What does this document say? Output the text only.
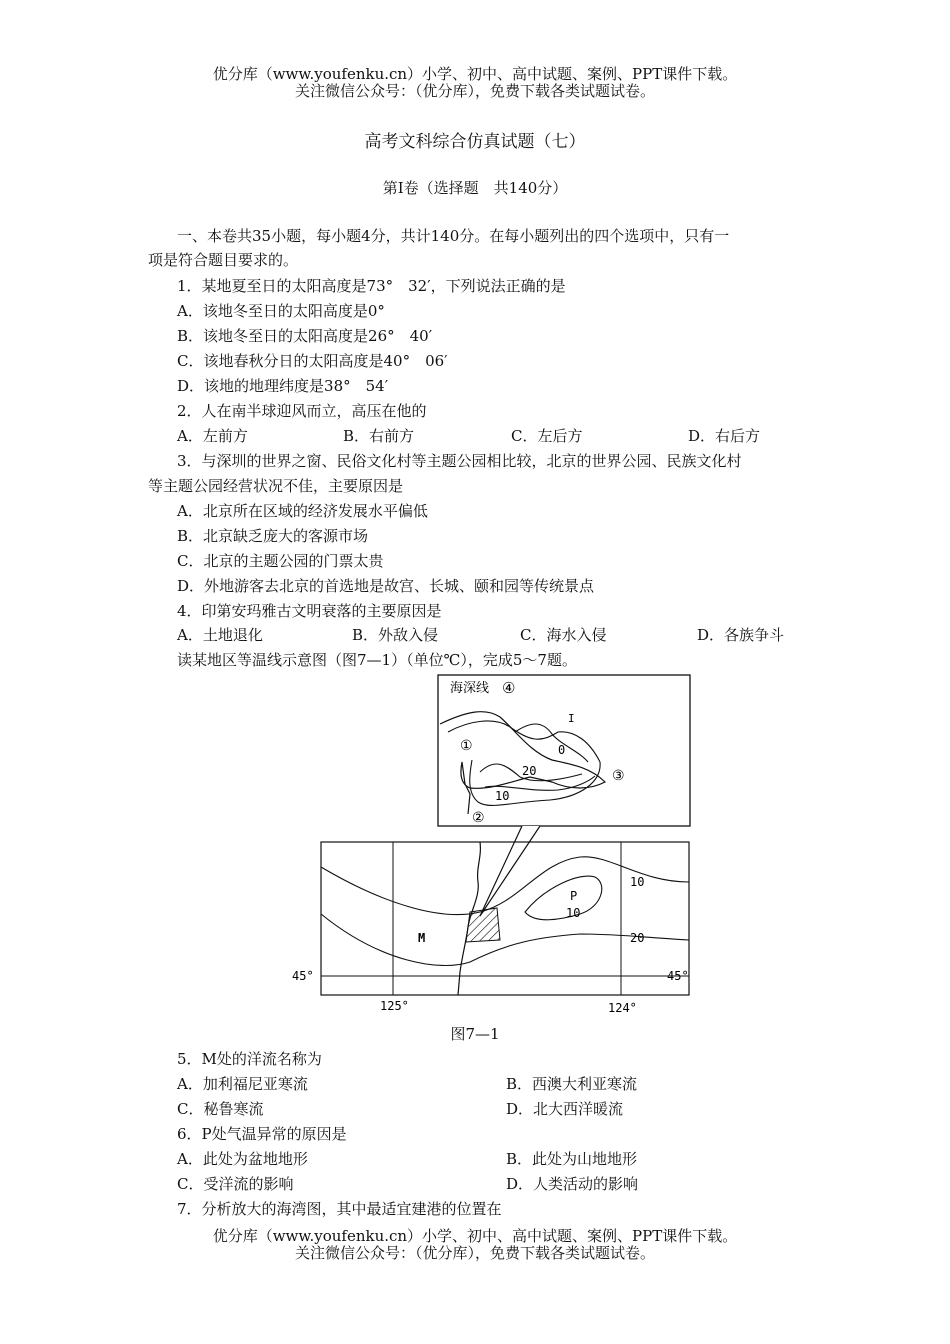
优分库（www.youfenku.cn）小学、初中、高中试题、案例、PPT课件下载。
关注微信公众号：（优分库），免费下载各类试题试卷。
高考文科综合仿真试题（七）
第Ⅰ卷（选择题　共140分）
一、本卷共35小题，每小题4分，共计140分。在每小题列出的四个选项中，只有一
项是符合题目要求的。
1．某地夏至日的太阳高度是73°　32′，下列说法正确的是
A．该地冬至日的太阳高度是0°
B．该地冬至日的太阳高度是26°　40′
C．该地春秋分日的太阳高度是40°　06′
D．该地的地理纬度是38°　54′
2．人在南半球迎风而立，高压在他的
A．左前方	B．右前方	C．左后方	D．右后方
3．与深圳的世界之窗、民俗文化村等主题公园相比较，北京的世界公园、民族文化村
等主题公园经营状况不佳，主要原因是
A．北京所在区域的经济发展水平偏低
B．北京缺乏庞大的客源市场
C．北京的主题公园的门票太贵
D．外地游客去北京的首选地是故宫、长城、颐和园等传统景点
4．印第安玛雅古文明衰落的主要原因是
A．土地退化	B．外敌入侵	C．海水入侵	D．各族争斗
读某地区等温线示意图（图7—1）（单位℃），完成5～7题。
海深线 ④
①
②
③
20
10
0
I
M
P
10
10
20
45°	45°
125°	124°
图7—1
5．M处的洋流名称为
A．加利福尼亚寒流	B．西澳大利亚寒流
C．秘鲁寒流	D．北大西洋暖流
6．P处气温异常的原因是
A．此处为盆地地形	B．此处为山地地形
C．受洋流的影响	D．人类活动的影响
7．分析放大的海湾图，其中最适宜建港的位置在
优分库（www.youfenku.cn）小学、初中、高中试题、案例、PPT课件下载。
关注微信公众号：（优分库），免费下载各类试题试卷。
